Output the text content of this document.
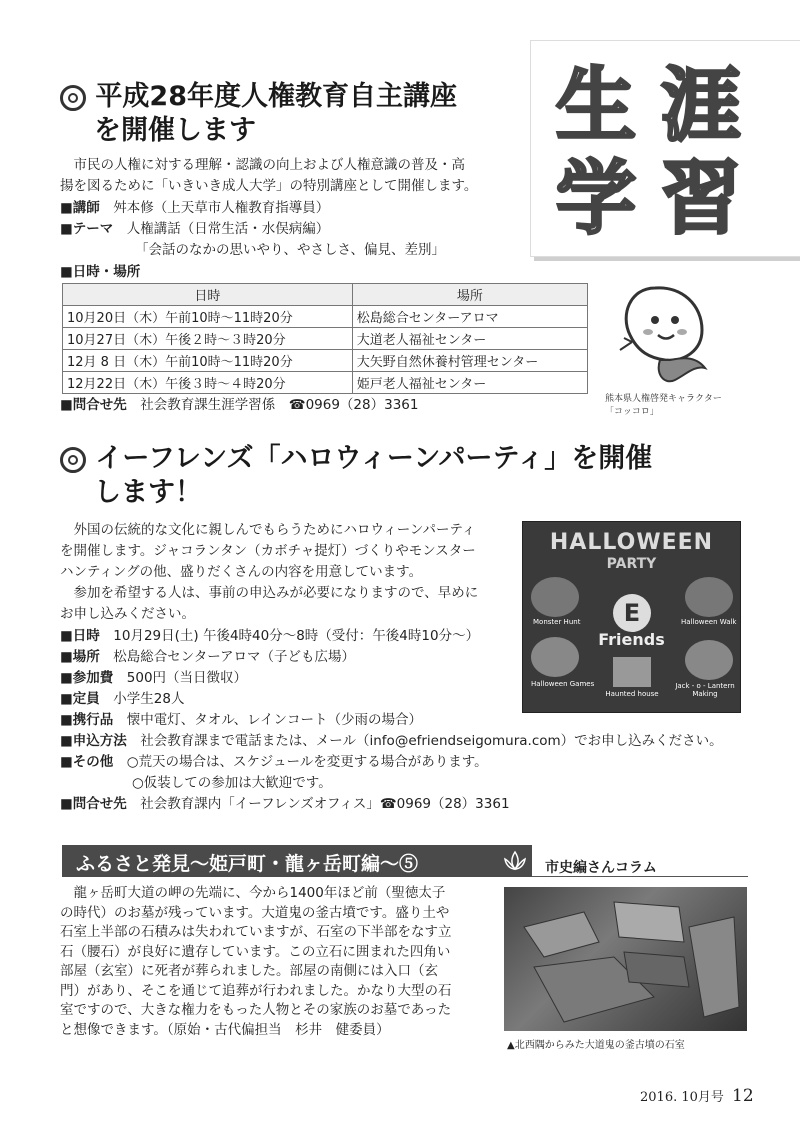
平成28年度人権教育自主講座
を開催します
　市民の人権に対する理解・認識の向上および人権意識の普及・高
揚を図るために「いきいき成人大学」の特別講座として開催します。
■ 講師　 舛本修（上天草市人権教育指導員）
■ テーマ　 人権講話（日常生活・水俣病編）
「会話のなかの思いやり、やさしさ、偏見、差別」
■ 日時・場所
日時	場所
10月20日（木）午前10時～11時20分	松島総合センターアロマ
10月27日（木）午後２時～３時20分	大道老人福祉センター
12月 8 日（木）午前10時～11時20分	大矢野自然休養村管理センター
12月22日（木）午後３時～４時20分	姫戸老人福祉センター
■ 問合せ先　 社会教育課生涯学習係　☎0969（28）3361
生 涯
学 習
熊本県人権啓発キャラクター
「コッコロ」
イーフレンズ「ハロウィーンパーティ」を開催
します！
　外国の伝統的な文化に親しんでもらうためにハロウィーンパーティ
を開催します。ジャコランタン（カボチャ提灯）づくりやモンスター
ハンティングの他、盛りだくさんの内容を用意しています。
　参加を希望する人は、事前の申込みが必要になりますので、早めに
お申し込みください。
■ 日時　 10月29日(土) 午後4時40分～8時（受付：午後4時10分～）
■ 場所　 松島総合センターアロマ（子ども広場）
■ 参加費　 500円（当日徴収）
■ 定員　 小学生28人
■ 携行品　 懐中電灯、タオル、レインコート（少雨の場合）
■ 申込方法　 社会教育課まで電話または、メール（info@efriendseigomura.com）でお申し込みください。
■ その他　 ○荒天の場合は、スケジュールを変更する場合があります。
○仮装しての参加は大歓迎です。
■ 問合せ先　 社会教育課内「イーフレンズオフィス」☎0969（28）3361
HALLOWEEN
PARTY
E
Friends
Monster Hunt	Halloween Walk
Halloween Games	Jack - o - Lantern Making
Haunted house
ふるさと発見～姫戸町・龍ヶ岳町編～⑤	市史編さんコラム
　龍ヶ岳町大道の岬の先端に、今から1400年ほど前（聖徳太子
の時代）のお墓が残っています。大道鬼の釜古墳です。盛り土や
石室上半部の石積みは失われていますが、石室の下半部をなす立
石（腰石）が良好に遺存しています。この立石に囲まれた四角い
部屋（玄室）に死者が葬られました。部屋の南側には入口（玄
門）があり、そこを通じて追葬が行われました。かなり大型の石
室ですので、大きな権力をもった人物とその家族のお墓であった
と想像できます。（原始・古代偏担当　杉井　健委員）
▲北西隅からみた大道鬼の釜古墳の石室
2016. 10月号 12
